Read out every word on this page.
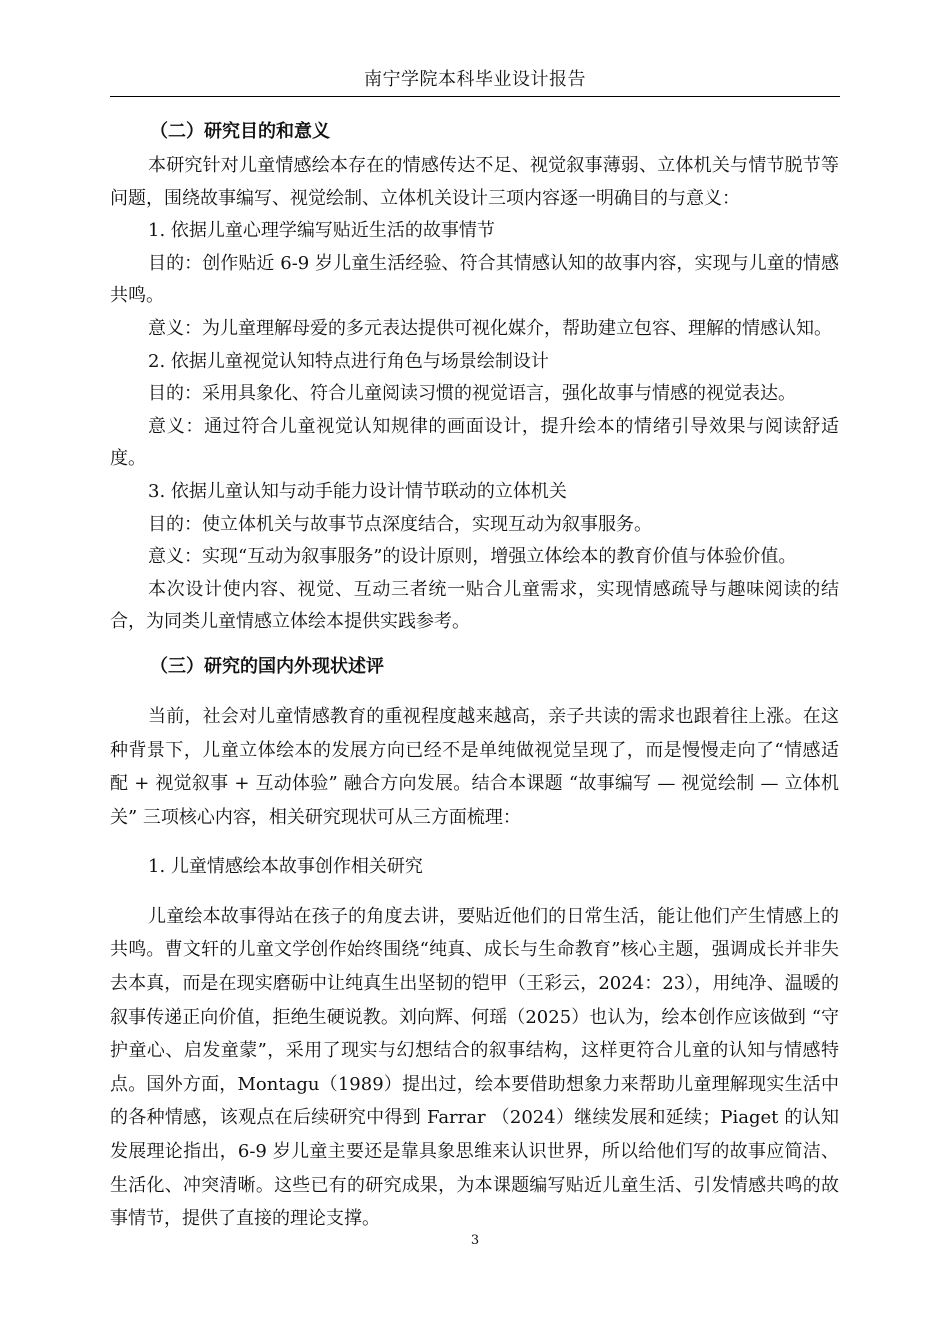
南宁学院本科毕业设计报告

（二）研究目的和意义

本研究针对儿童情感绘本存在的情感传达不足、视觉叙事薄弱、立体机关与情节脱节等问题，围绕故事编写、视觉绘制、立体机关设计三项内容逐一明确目的与意义：

1. 依据儿童心理学编写贴近生活的故事情节

目的：创作贴近 6-9 岁儿童生活经验、符合其情感认知的故事内容，实现与儿童的情感共鸣。

意义：为儿童理解母爱的多元表达提供可视化媒介，帮助建立包容、理解的情感认知。

2. 依据儿童视觉认知特点进行角色与场景绘制设计

目的：采用具象化、符合儿童阅读习惯的视觉语言，强化故事与情感的视觉表达。

意义：通过符合儿童视觉认知规律的画面设计，提升绘本的情绪引导效果与阅读舒适度。

3. 依据儿童认知与动手能力设计情节联动的立体机关

目的：使立体机关与故事节点深度结合，实现互动为叙事服务。

意义：实现“互动为叙事服务”的设计原则，增强立体绘本的教育价值与体验价值。

本次设计使内容、视觉、互动三者统一贴合儿童需求，实现情感疏导与趣味阅读的结合，为同类儿童情感立体绘本提供实践参考。

（三）研究的国内外现状述评

当前，社会对儿童情感教育的重视程度越来越高，亲子共读的需求也跟着往上涨。在这种背景下，儿童立体绘本的发展方向已经不是单纯做视觉呈现了，而是慢慢走向了“情感适配 + 视觉叙事 + 互动体验” 融合方向发展。结合本课题 “故事编写 — 视觉绘制 — 立体机关” 三项核心内容，相关研究现状可从三方面梳理：

1. 儿童情感绘本故事创作相关研究

儿童绘本故事得站在孩子的角度去讲，要贴近他们的日常生活，能让他们产生情感上的共鸣。曹文轩的儿童文学创作始终围绕“纯真、成长与生命教育”核心主题，强调成长并非失去本真，而是在现实磨砺中让纯真生出坚韧的铠甲（王彩云，2024：23），用纯净、温暖的叙事传递正向价值，拒绝生硬说教。刘向辉、何瑶（2025）也认为，绘本创作应该做到 “守护童心、启发童蒙”，采用了现实与幻想结合的叙事结构，这样更符合儿童的认知与情感特点。国外方面，Montagu（1989）提出过，绘本要借助想象力来帮助儿童理解现实生活中的各种情感，该观点在后续研究中得到 Farrar （2024）继续发展和延续；Piaget 的认知发展理论指出，6-9 岁儿童主要还是靠具象思维来认识世界，所以给他们写的故事应简洁、生活化、冲突清晰。这些已有的研究成果，为本课题编写贴近儿童生活、引发情感共鸣的故事情节，提供了直接的理论支撑。

3
